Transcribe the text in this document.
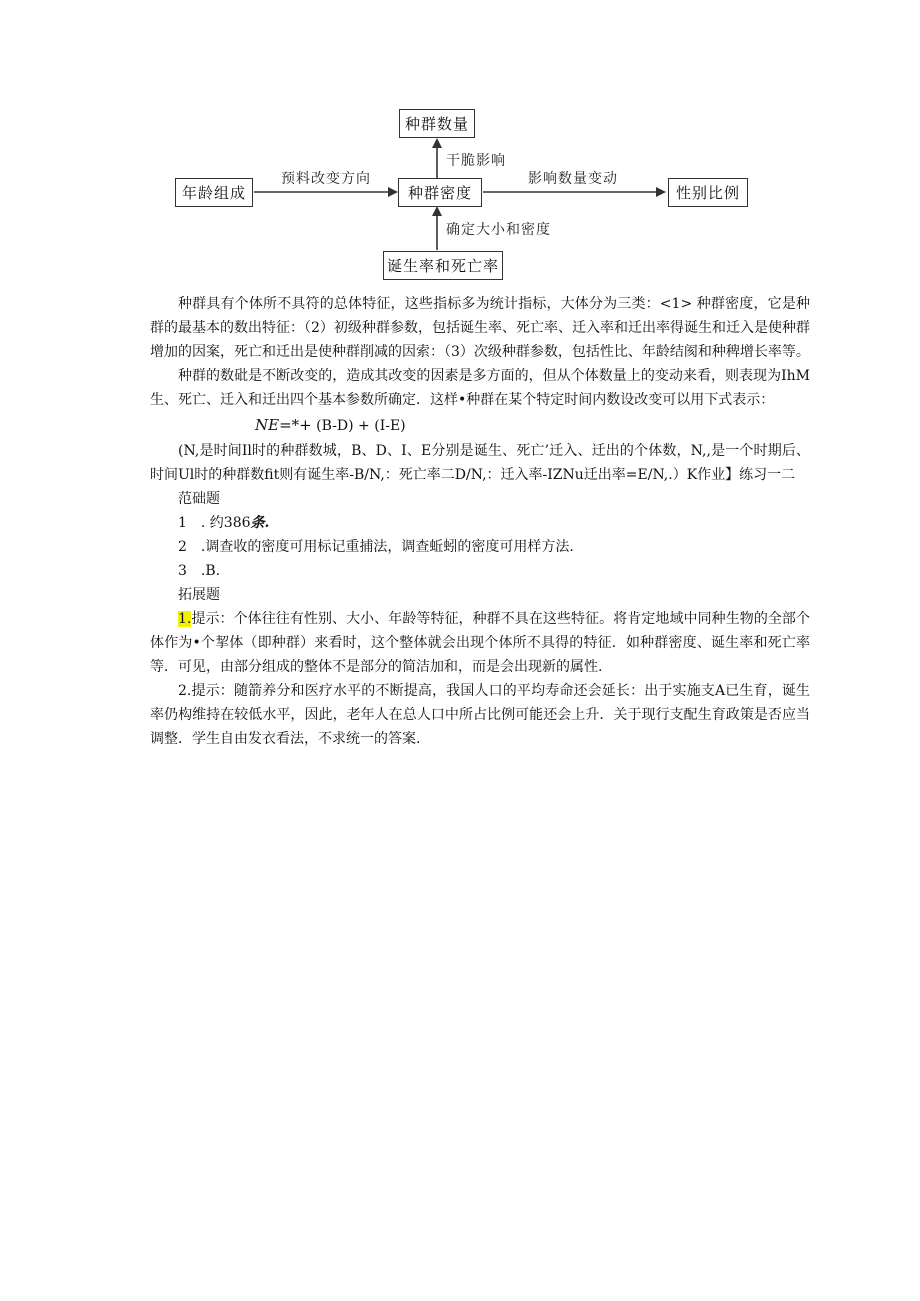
种群数量
年龄组成	种群密度	性别比例
诞生率和死亡率
干脆影响
预料改变方向	影响数量变动
确定大小和密度

种群具有个体所不具符的总体特征，这些指标多为统计指标，大体分为三类：<1> 种群密度，它是种群的最基本的数出特征：（2）初级种群参数，包括诞生率、死亡率、迁入率和迁出率得诞生和迁入是使种群增加的因案，死亡和迁出是使种群削减的因索：（3）次级种群参数，包括性比、年龄结阂和种稗增长率等。

种群的数砒是不断改变的，造成其改变的因素是多方面的，但从个体数量上的变动来看，则表现为IhM生、死亡、迁入和迁出四个基本参数所确定．这样•种群在某个特定时间内数设改变可以用下式表示：

NE=*+ (B-D) + (I-E)

(N,是时间Il时的种群数城，B、D、I、E分别是诞生、死亡’迁入、迁出的个体数，N,,是一个时期后、时间Ul时的种群数fit则有诞生率-B/N,：死亡率二D/N,：迁入率-IZNu迁出率=E/N,.）K作业】练习一二

范础题

1　. 约386条.

2　.调查收的密度可用标记重捕法，调查蚯蚓的密度可用样方法.

3　.B.

拓展题

1.提示：个体往往有性别、大小、年龄等特征，种群不具在这些特征。将肯定地域中同种生物的全部个体作为•个挈体（即种群）来看时，这个整体就会出现个体所不具得的特征．如种群密度、诞生率和死亡率等．可见，由部分组成的整体不是部分的简洁加和，而是会出现新的属性.

2.提示：随箭养分和医疗水平的不断提高，我国人口的平均寿命还会延长：出于实施支A已生育，诞生率仍构维持在较低水平，因此，老年人在总人口中所占比例可能还会上升．关于现行支配生育政策是否应当调整．学生自由发衣看法，不求统一的答案.
